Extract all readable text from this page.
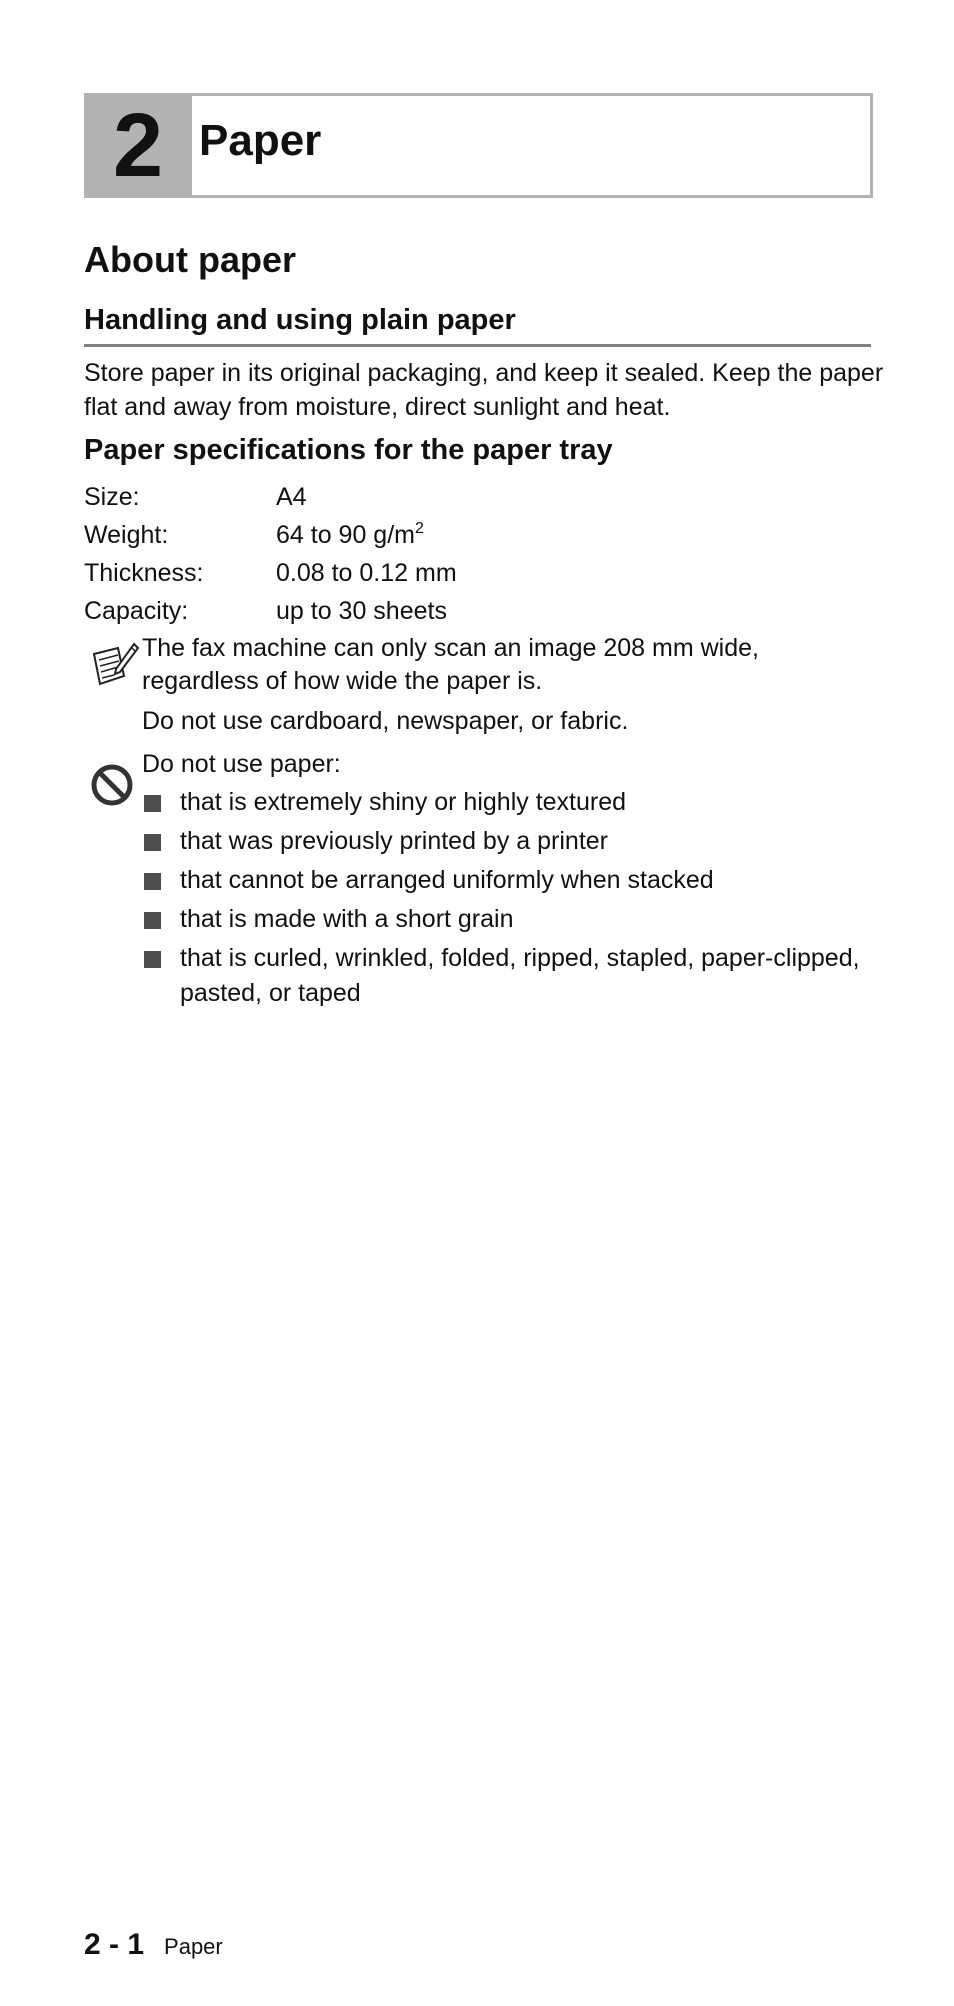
2 Paper
About paper
Handling and using plain paper
Store paper in its original packaging, and keep it sealed. Keep the paper flat and away from moisture, direct sunlight and heat.
Paper specifications for the paper tray
Size:	A4
Weight:	64 to 90 $g/m^2$
Thickness:	0.08 to 0.12 mm
Capacity:	up to 30 sheets

The fax machine can only scan an image 208 mm wide, regardless of how wide the paper is.

Do not use cardboard, newspaper, or fabric.

Do not use paper:
that is extremely shiny or highly textured
that was previously printed by a printer
that cannot be arranged uniformly when stacked
that is made with a short grain
that is curled, wrinkled, folded, ripped, stapled, paper-clipped, pasted, or taped
2 - 1 Paper
